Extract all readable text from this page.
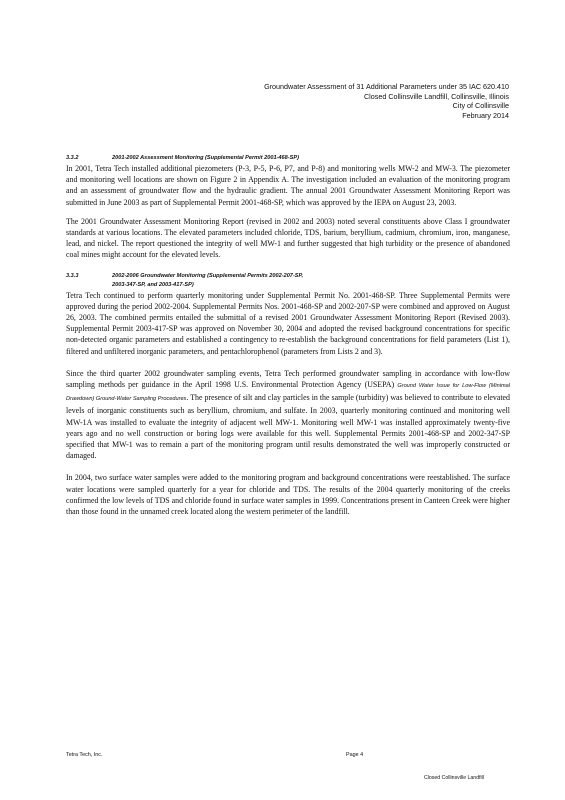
Groundwater Assessment of 31 Additional Parameters under 35 IAC 620.410
Closed Collinsville Landfill, Collinsville, Illinois
City of Collinsville
February 2014
3.3.2	2001-2002 Assessment Monitoring (Supplemental Permit 2001-468-SP)

In 2001, Tetra Tech installed additional piezometers (P-3, P-5, P-6, P7, and P-8) and monitoring wells MW-2 and MW-3. The piezometer and monitoring well locations are shown on Figure 2 in Appendix A. The investigation included an evaluation of the monitoring program and an assessment of groundwater flow and the hydraulic gradient. The annual 2001 Groundwater Assessment Monitoring Report was submitted in June 2003 as part of Supplemental Permit 2001-468-SP, which was approved by the IEPA on August 23, 2003.

The 2001 Groundwater Assessment Monitoring Report (revised in 2002 and 2003) noted several constituents above Class I groundwater standards at various locations. The elevated parameters included chloride, TDS, barium, beryllium, cadmium, chromium, iron, manganese, lead, and nickel. The report questioned the integrity of well MW-1 and further suggested that high turbidity or the presence of abandoned coal mines might account for the elevated levels.

3.3.3	2002-2006 Groundwater Monitoring (Supplemental Permits 2002-207-SP,
2003-347-SP, and 2003-417-SP)

Tetra Tech continued to perform quarterly monitoring under Supplemental Permit No. 2001-468-SP. Three Supplemental Permits were approved during the period 2002-2004. Supplemental Permits Nos. 2001-468-SP and 2002-207-SP were combined and approved on August 26, 2003. The combined permits entailed the submittal of a revised 2001 Groundwater Assessment Monitoring Report (Revised 2003). Supplemental Permit 2003-417-SP was approved on November 30, 2004 and adopted the revised background concentrations for specific non-detected organic parameters and established a contingency to re-establish the background concentrations for field parameters (List 1), filtered and unfiltered inorganic parameters, and pentachlorophenol (parameters from Lists 2 and 3).

Since the third quarter 2002 groundwater sampling events, Tetra Tech performed groundwater sampling in accordance with low-flow sampling methods per guidance in the April 1998 U.S. Environmental Protection Agency (USEPA) Ground Water Issue for Low-Flow (Minimal Drawdown) Ground-Water Sampling Procedures. The presence of silt and clay particles in the sample (turbidity) was believed to contribute to elevated levels of inorganic constituents such as beryllium, chromium, and sulfate. In 2003, quarterly monitoring continued and monitoring well MW-1A was installed to evaluate the integrity of adjacent well MW-1. Monitoring well MW-1 was installed approximately twenty-five years ago and no well construction or boring logs were available for this well. Supplemental Permits 2001-468-SP and 2002-347-SP specified that MW-1 was to remain a part of the monitoring program until results demonstrated the well was improperly constructed or damaged.

In 2004, two surface water samples were added to the monitoring program and background concentrations were reestablished. The surface water locations were sampled quarterly for a year for chloride and TDS. The results of the 2004 quarterly monitoring of the creeks confirmed the low levels of TDS and chloride found in surface water samples in 1999. Concentrations present in Canteen Creek were higher than those found in the unnamed creek located along the western perimeter of the landfill.

Tetra Tech, Inc.	Page 4
Closed Collinsville Landfill
